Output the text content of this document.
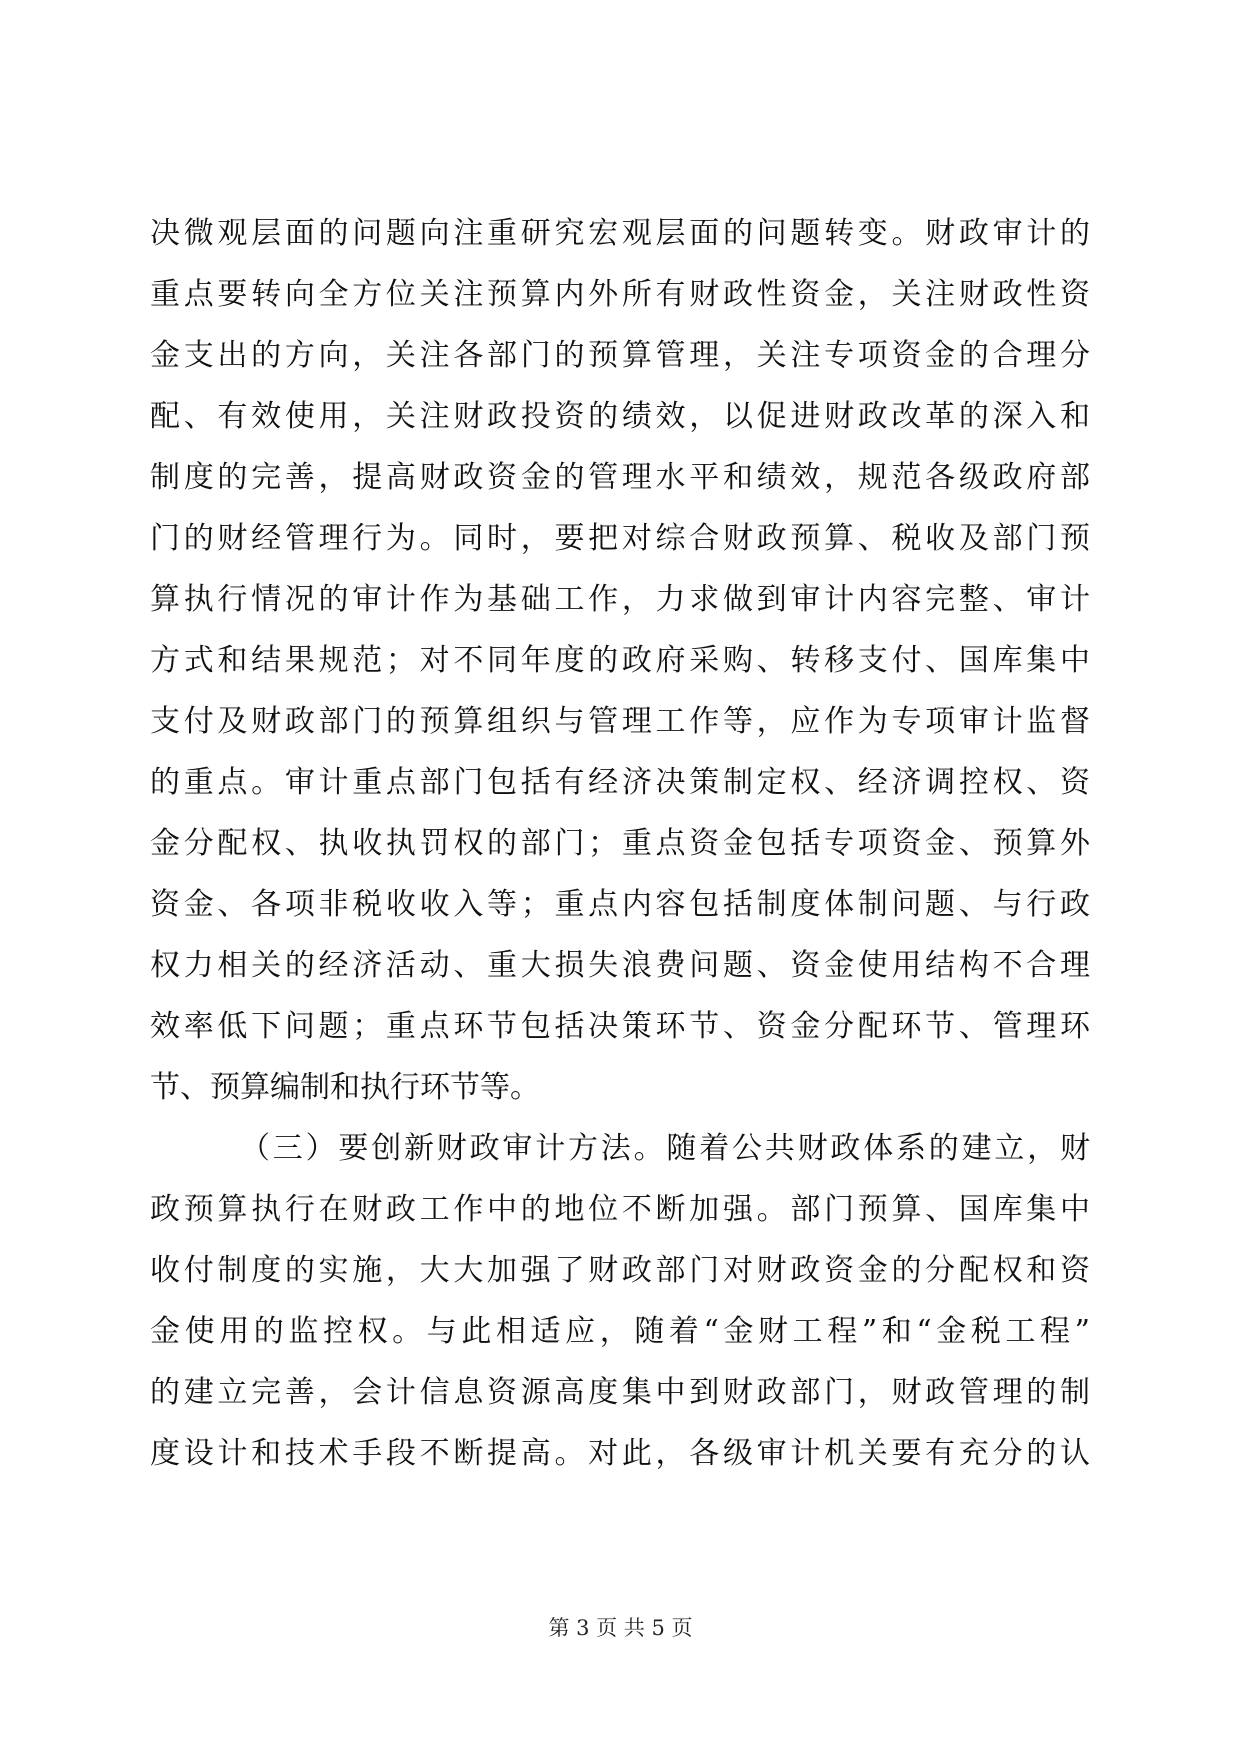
决微观层面的问题向注重研究宏观层面的问题转变。财政审计的
重点要转向全方位关注预算内外所有财政性资金，关注财政性资
金支出的方向，关注各部门的预算管理，关注专项资金的合理分
配、有效使用，关注财政投资的绩效，以促进财政改革的深入和
制度的完善，提高财政资金的管理水平和绩效，规范各级政府部
门的财经管理行为。同时，要把对综合财政预算、税收及部门预
算执行情况的审计作为基础工作，力求做到审计内容完整、审计
方式和结果规范；对不同年度的政府采购、转移支付、国库集中
支付及财政部门的预算组织与管理工作等，应作为专项审计监督
的重点。审计重点部门包括有经济决策制定权、经济调控权、资
金分配权、执收执罚权的部门；重点资金包括专项资金、预算外
资金、各项非税收收入等；重点内容包括制度体制问题、与行政
权力相关的经济活动、重大损失浪费问题、资金使用结构不合理
效率低下问题；重点环节包括决策环节、资金分配环节、管理环
节、预算编制和执行环节等。
（三）要创新财政审计方法。随着公共财政体系的建立，财
政预算执行在财政工作中的地位不断加强。部门预算、国库集中
收付制度的实施，大大加强了财政部门对财政资金的分配权和资
金使用的监控权。与此相适应，随着“金财工程”和“金税工程”
的建立完善，会计信息资源高度集中到财政部门，财政管理的制
度设计和技术手段不断提高。对此，各级审计机关要有充分的认
第 3 页 共 5 页
